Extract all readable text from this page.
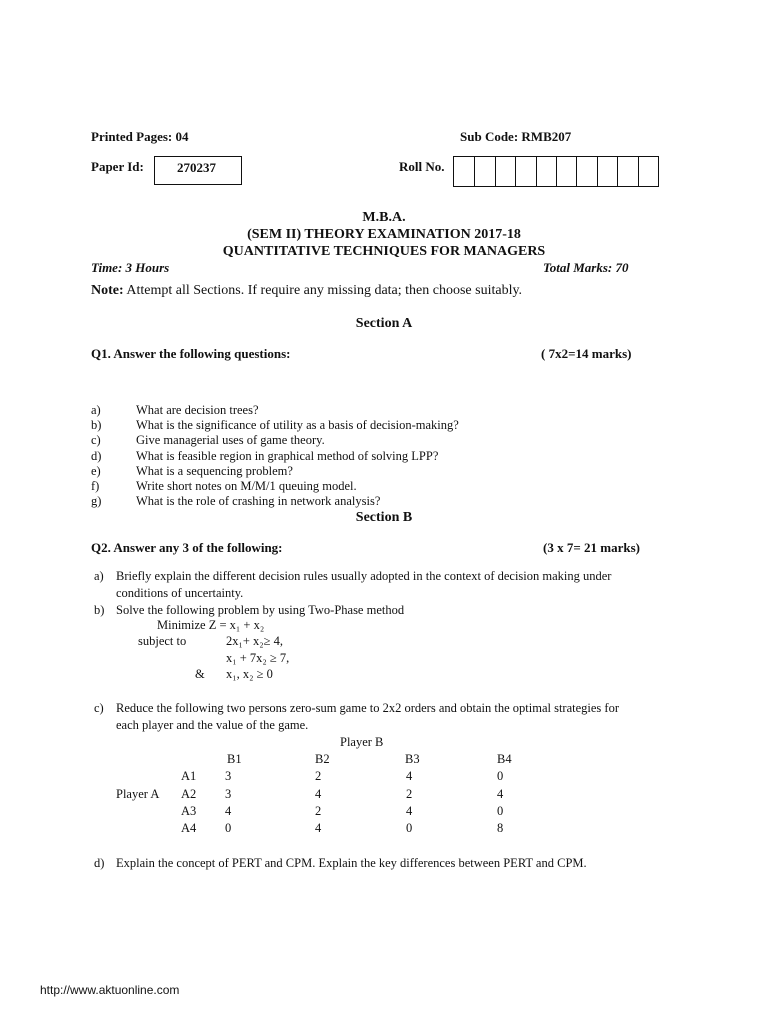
Printed Pages: 04	Sub Code: RMB207
Paper Id:	270237	Roll No.
M.B.A.
(SEM II) THEORY EXAMINATION 2017-18
QUANTITATIVE TECHNIQUES FOR MANAGERS
Time: 3 Hours	Total Marks: 70
Note: Attempt all Sections. If require any missing data; then choose suitably.
Section A
Q1. Answer the following questions:	( 7x2=14 marks)
a)	What are decision trees?
b)	What is the significance of utility as a basis of decision-making?
c)	Give managerial uses of game theory.
d)	What is feasible region in graphical method of solving LPP?
e)	What is a sequencing problem?
f)	Write short notes on M/M/1 queuing model.
g)	What is the role of crashing in network analysis?
Section B
Q2. Answer any 3 of the following:	(3 x 7= 21 marks)
a) Briefly explain the different decision rules usually adopted in the context of decision making under
conditions of uncertainty.
b) Solve the following problem by using Two-Phase method
Minimize Z = x₁ + x₂
subject to	2x₁+ x₂≥ 4,
x₁ + 7x₂ ≥ 7,
& x₁, x₂ ≥ 0
c) Reduce the following two persons zero-sum game to 2x2 orders and obtain the optimal strategies for
each player and the value of the game.
Player B
B1	B2	B3	B4
Player A
A1 3	2	4	0
A2 3	4	2	4
A3 4	2	4	0
A4 0	4	0	8
d) Explain the concept of PERT and CPM. Explain the key differences between PERT and CPM.
http://www.aktuonline.com
